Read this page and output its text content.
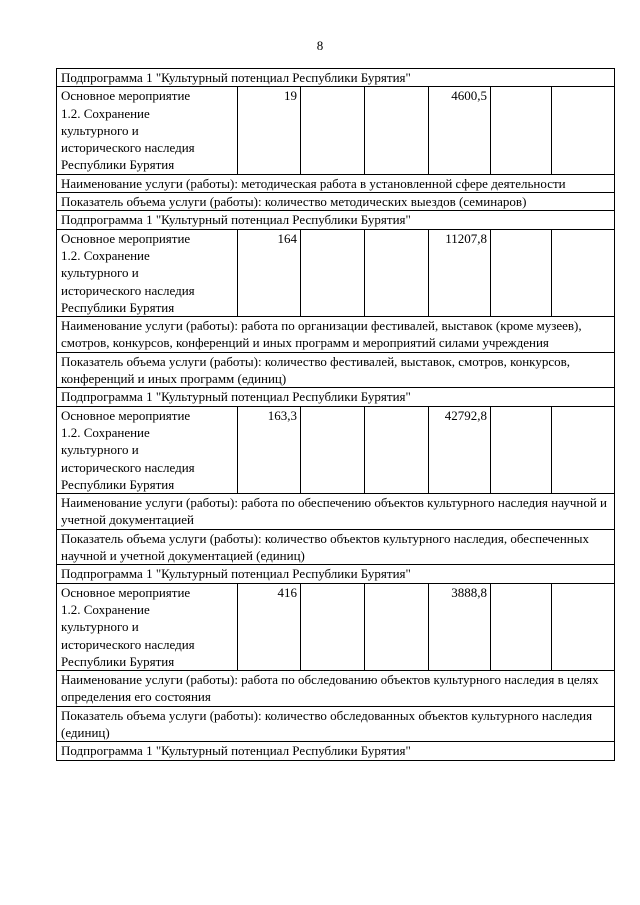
8
Подпрограмма 1 "Культурный потенциал Республики Бурятия"						

Основное мероприятие
1.2. Сохранение
культурного и
исторического наследия
Республики Бурятия	19			4600,5		
Наименование услуги (работы): методическая работа в установленной сфере деятельности						
Показатель объема услуги (работы): количество методических выездов (семинаров)						
Подпрограмма 1 "Культурный потенциал Республики Бурятия"						

Основное мероприятие
1.2. Сохранение
культурного и
исторического наследия
Республики Бурятия	164			11207,8		
Наименование услуги (работы): работа по организации фестивалей, выставок (кроме музеев), смотров, конкурсов, конференций и иных программ и мероприятий силами учреждения						
Показатель объема услуги (работы): количество фестивалей, выставок, смотров, конкурсов, конференций и иных программ (единиц)						
Подпрограмма 1 "Культурный потенциал Республики Бурятия"						

Основное мероприятие
1.2. Сохранение
культурного и
исторического наследия
Республики Бурятия	163,3			42792,8		
Наименование услуги (работы): работа по обеспечению объектов культурного наследия научной и учетной документацией						
Показатель объема услуги (работы): количество объектов культурного наследия, обеспеченных научной и учетной документацией (единиц)						
Подпрограмма 1 "Культурный потенциал Республики Бурятия"						

Основное мероприятие
1.2. Сохранение
культурного и
исторического наследия
Республики Бурятия	416			3888,8		
Наименование услуги (работы): работа по обследованию объектов культурного наследия в целях определения его состояния						
Показатель объема услуги (работы): количество обследованных объектов культурного наследия (единиц)						
Подпрограмма 1 "Культурный потенциал Республики Бурятия"						
